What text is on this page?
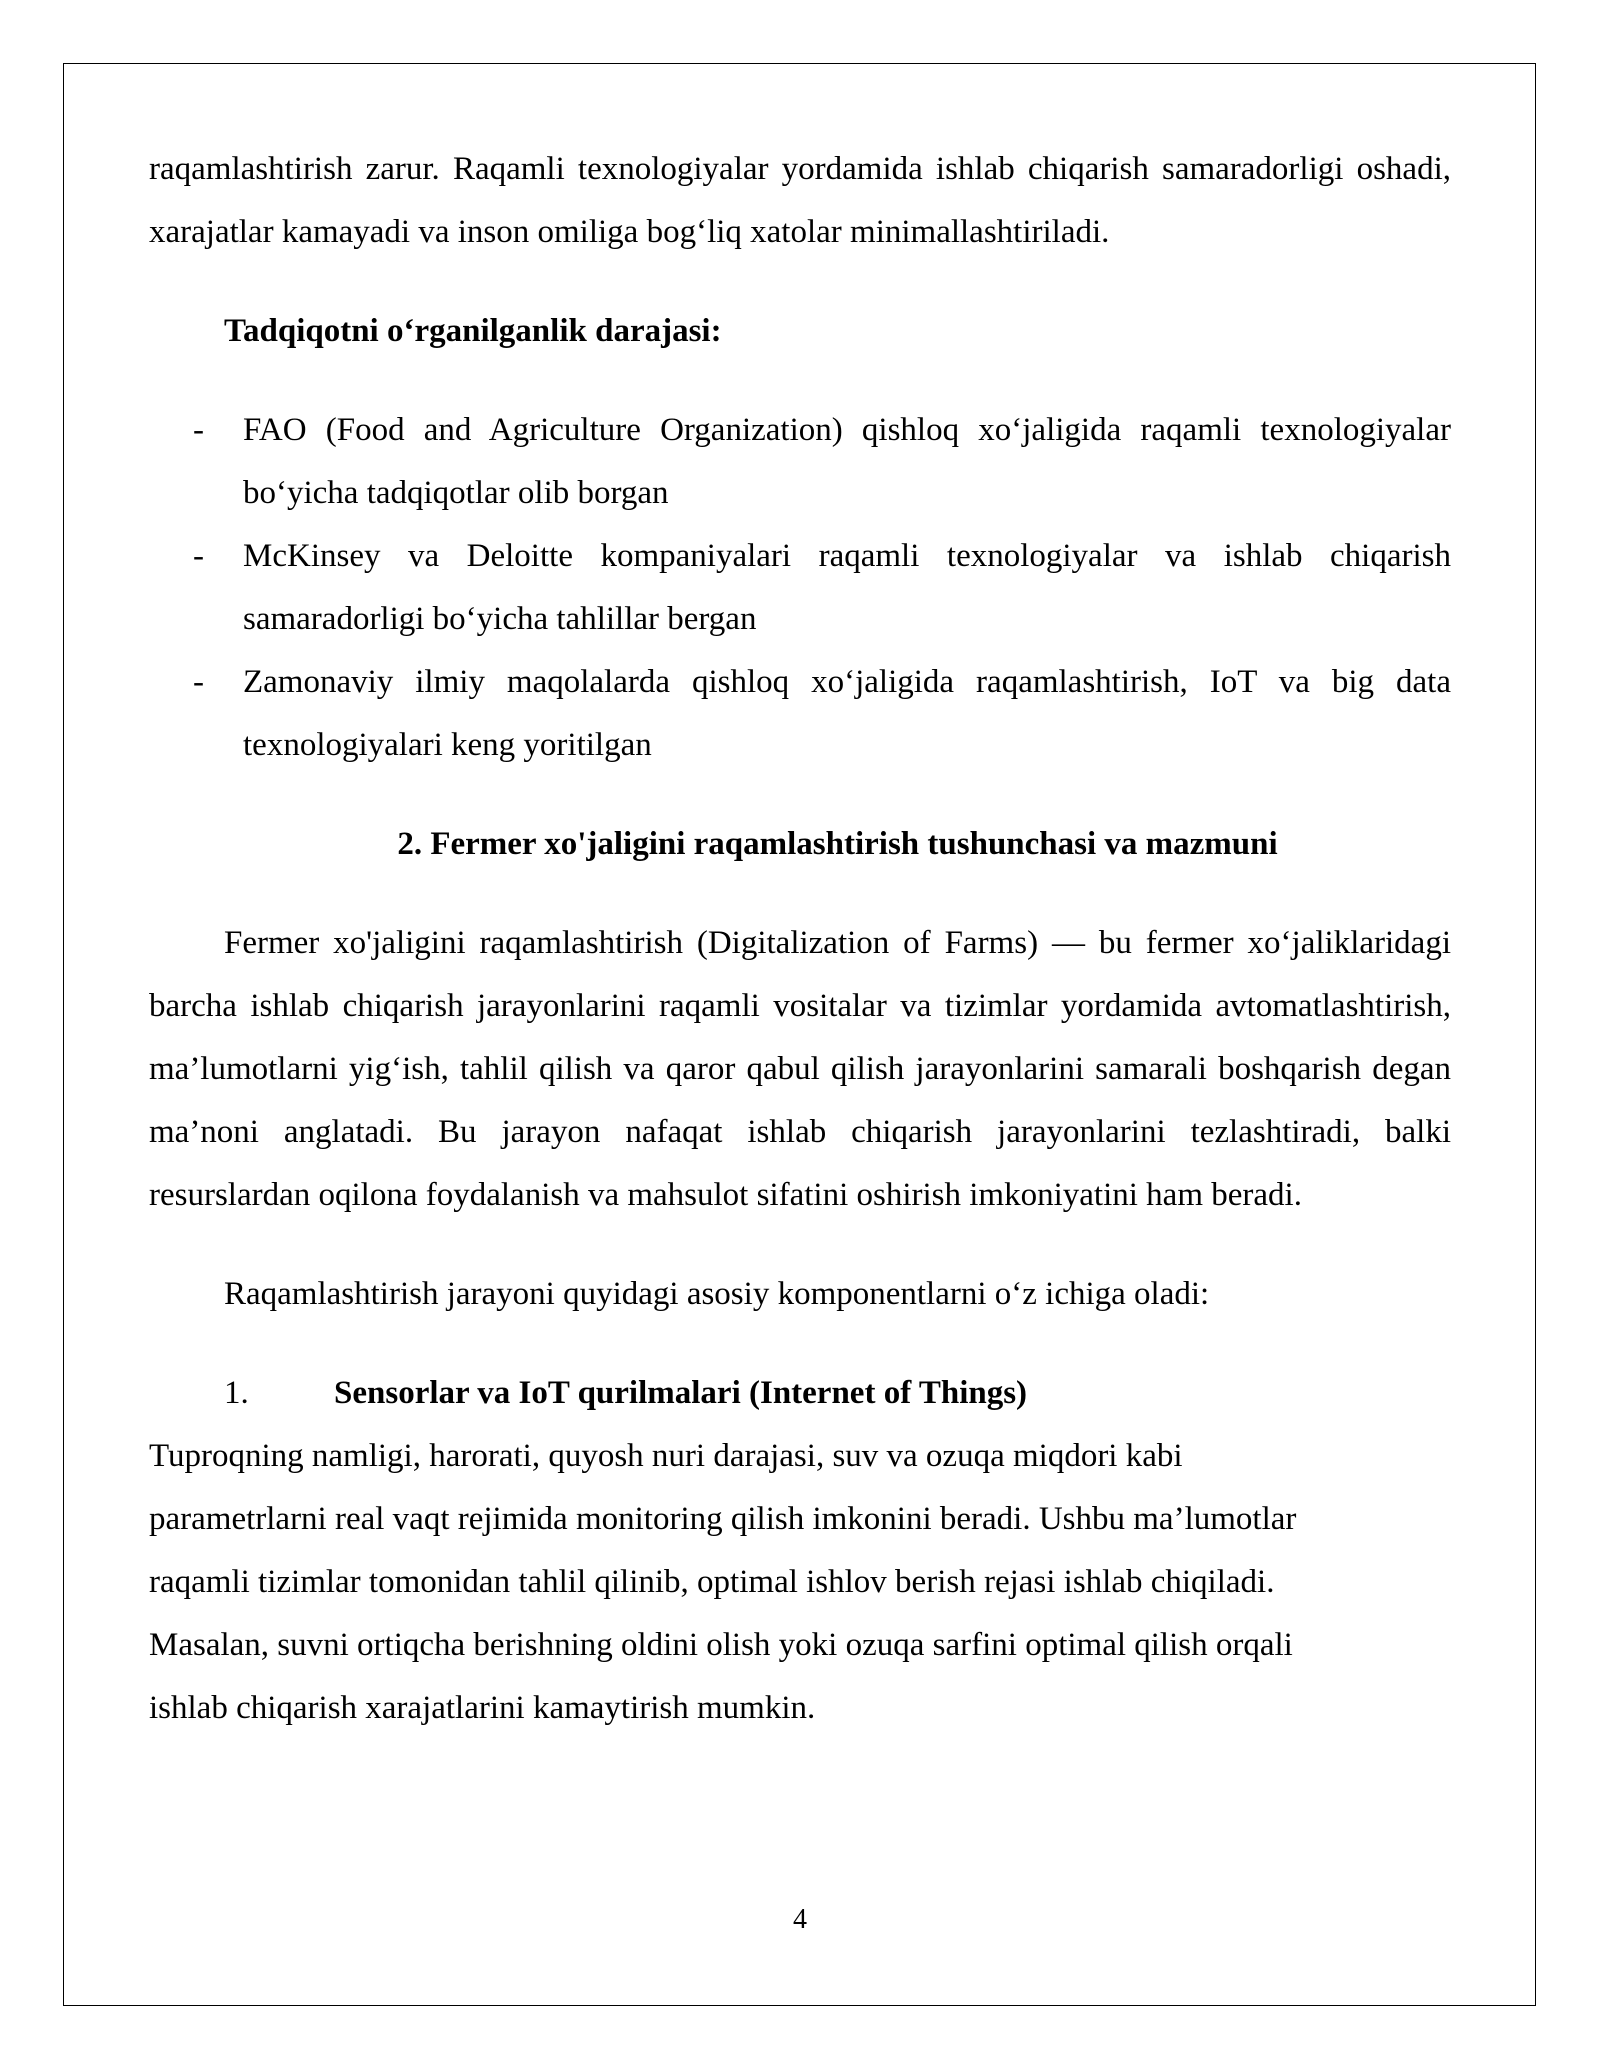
raqamlashtirish zarur. Raqamli texnologiyalar yordamida ishlab chiqarish samaradorligi oshadi, xarajatlar kamayadi va inson omiliga bog‘liq xatolar minimallashtiriladi.

Tadqiqotni o‘rganilganlik darajasi:

- FAO (Food and Agriculture Organization) qishloq xo‘jaligida raqamli texnologiyalar bo‘yicha tadqiqotlar olib borgan
- McKinsey va Deloitte kompaniyalari raqamli texnologiyalar va ishlab chiqarish samaradorligi bo‘yicha tahlillar bergan
- Zamonaviy ilmiy maqolalarda qishloq xo‘jaligida raqamlashtirish, IoT va big data texnologiyalari keng yoritilgan

2. Fermer xo'jaligini raqamlashtirish tushunchasi va mazmuni

Fermer xo'jaligini raqamlashtirish (Digitalization of Farms) — bu fermer xo‘jaliklaridagi barcha ishlab chiqarish jarayonlarini raqamli vositalar va tizimlar yordamida avtomatlashtirish, ma’lumotlarni yig‘ish, tahlil qilish va qaror qabul qilish jarayonlarini samarali boshqarish degan ma’noni anglatadi. Bu jarayon nafaqat ishlab chiqarish jarayonlarini tezlashtiradi, balki resurslardan oqilona foydalanish va mahsulot sifatini oshirish imkoniyatini ham beradi.

Raqamlashtirish jarayoni quyidagi asosiy komponentlarni o‘z ichiga oladi:

1.	Sensorlar va IoT qurilmalari (Internet of Things)

Tuproqning namligi, harorati, quyosh nuri darajasi, suv va ozuqa miqdori kabi

parametrlarni real vaqt rejimida monitoring qilish imkonini beradi. Ushbu ma’lumotlar

raqamli tizimlar tomonidan tahlil qilinib, optimal ishlov berish rejasi ishlab chiqiladi.

Masalan, suvni ortiqcha berishning oldini olish yoki ozuqa sarfini optimal qilish orqali

ishlab chiqarish xarajatlarini kamaytirish mumkin.

4
